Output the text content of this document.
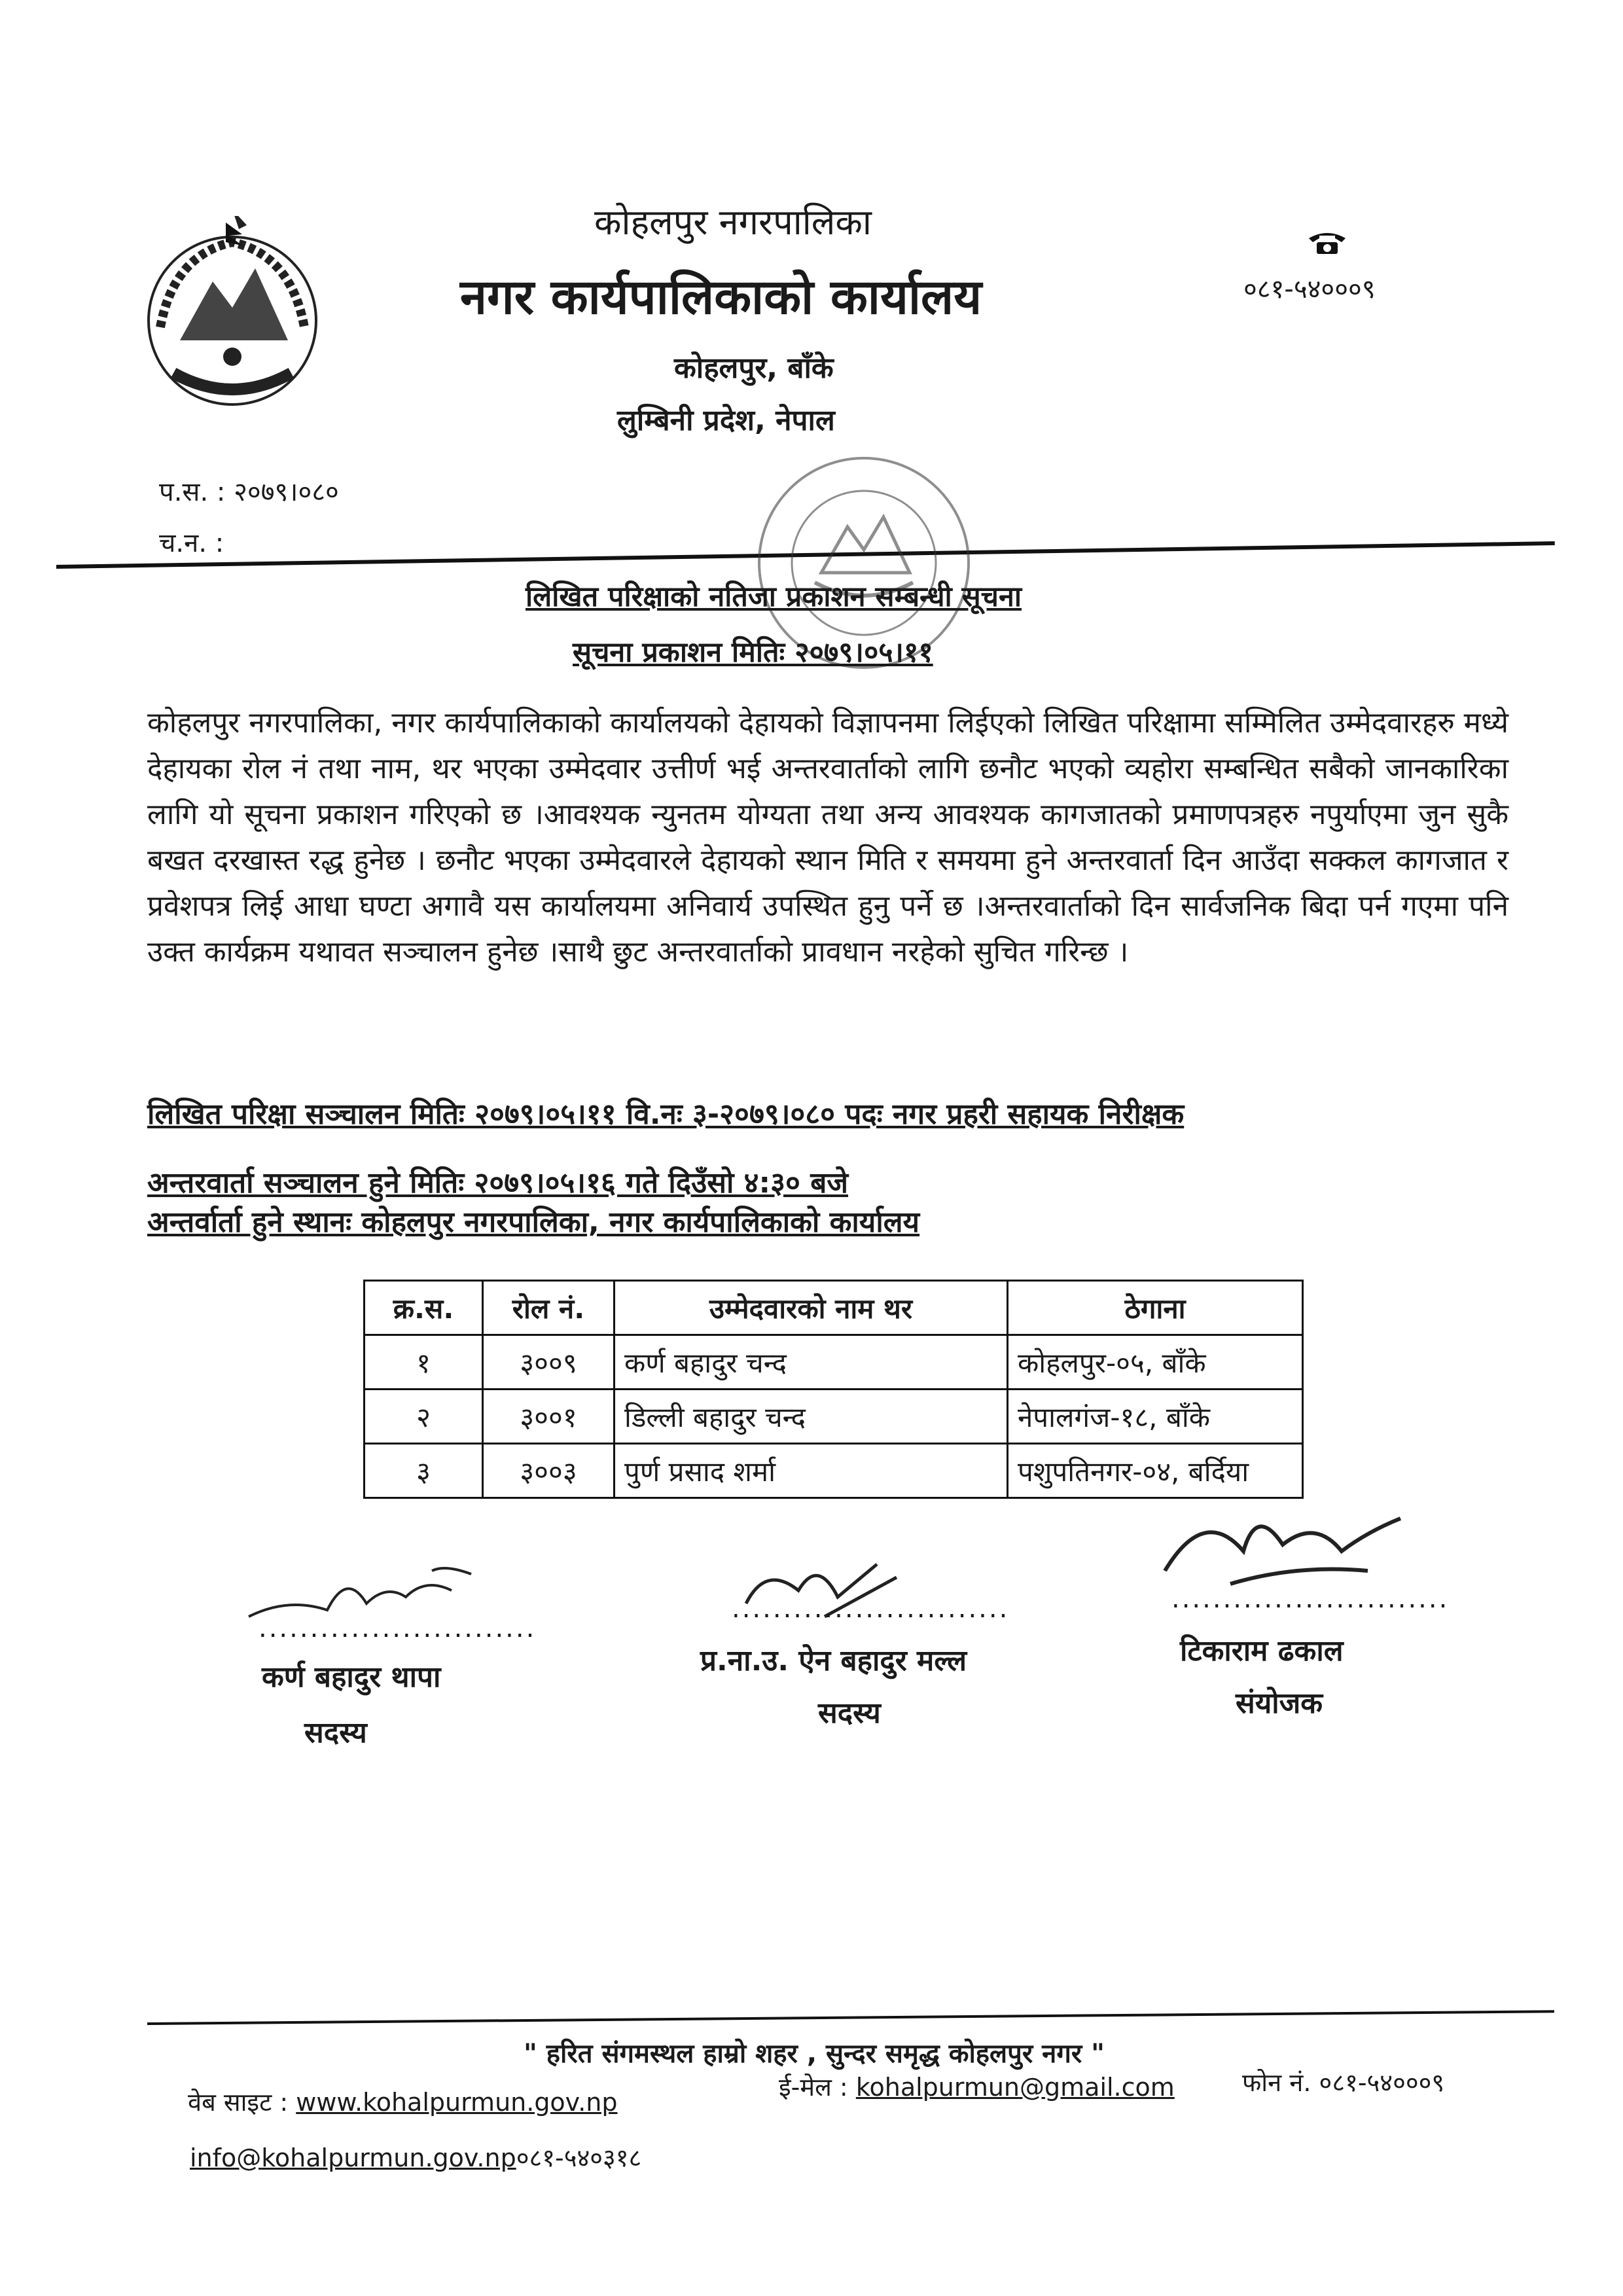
कोहलपुर नगरपालिका
नगर कार्यपालिकाको कार्यालय
कोहलपुर, बाँके
लुम्बिनी प्रदेश, नेपाल
०८१-५४०००९
प.स. : २०७९।०८०
च.न. :
लिखित परिक्षाको नतिजा प्रकाशन सम्बन्धी सूचना
सूचना प्रकाशन मितिः २०७९।०५।११
कोहलपुर नगरपालिका, नगर कार्यपालिकाको कार्यालयको देहायको विज्ञापनमा लिईएको लिखित परिक्षामा सम्मिलित उम्मेदवारहरु मध्ये देहायका रोल नं तथा नाम, थर भएका उम्मेदवार उत्तीर्ण भई अन्तरवार्ताको लागि छनौट भएको व्यहोरा सम्बन्धित सबैको जानकारिका लागि यो सूचना प्रकाशन गरिएको छ ।आवश्यक न्युनतम योग्यता तथा अन्य आवश्यक कागजातको प्रमाणपत्रहरु नपुर्याएमा जुन सुकै बखत दरखास्त रद्ध हुनेछ । छनौट भएका उम्मेदवारले देहायको स्थान मिति र समयमा हुने अन्तरवार्ता दिन आउँदा सक्कल कागजात र प्रवेशपत्र लिई आधा घण्टा अगावै यस कार्यालयमा अनिवार्य उपस्थित हुनु पर्ने छ ।अन्तरवार्ताको दिन सार्वजनिक बिदा पर्न गएमा पनि उक्त कार्यक्रम यथावत सञ्चालन हुनेछ ।साथै छुट अन्तरवार्ताको प्रावधान नरहेको सुचित गरिन्छ ।
लिखित परिक्षा सञ्चालन मितिः २०७९।०५।११ वि.नः ३-२०७९।०८० पदः नगर प्रहरी सहायक निरीक्षक
अन्तरवार्ता सञ्चालन हुने मितिः २०७९।०५।१६ गते दिउँसो ४:३० बजे
अन्तर्वार्ता हुने स्थानः कोहलपुर नगरपालिका, नगर कार्यपालिकाको कार्यालय
क्र.स.	रोल नं.	उम्मेदवारको नाम थर	ठेगाना
१	३००९	कर्ण बहादुर चन्द	कोहलपुर-०५, बाँके
२	३००१	डिल्ली बहादुर चन्द	नेपालगंज-१८, बाँके
३	३००३	पुर्ण प्रसाद शर्मा	पशुपतिनगर-०४, बर्दिया
...........................
कर्ण बहादुर थापा
सदस्य
...........................
प्र.ना.उ. ऐन बहादुर मल्ल
सदस्य
...........................
टिकाराम ढकाल
संयोजक
" हरित संगमस्थल हाम्रो शहर , सुन्दर समृद्ध कोहलपुर नगर "
वेब साइट : www.kohalpurmun.gov.np
ई-मेल : kohalpurmun@gmail.com	फोन नं. ०८१-५४०००९
info@kohalpurmun.gov.np०८१-५४०३१८
